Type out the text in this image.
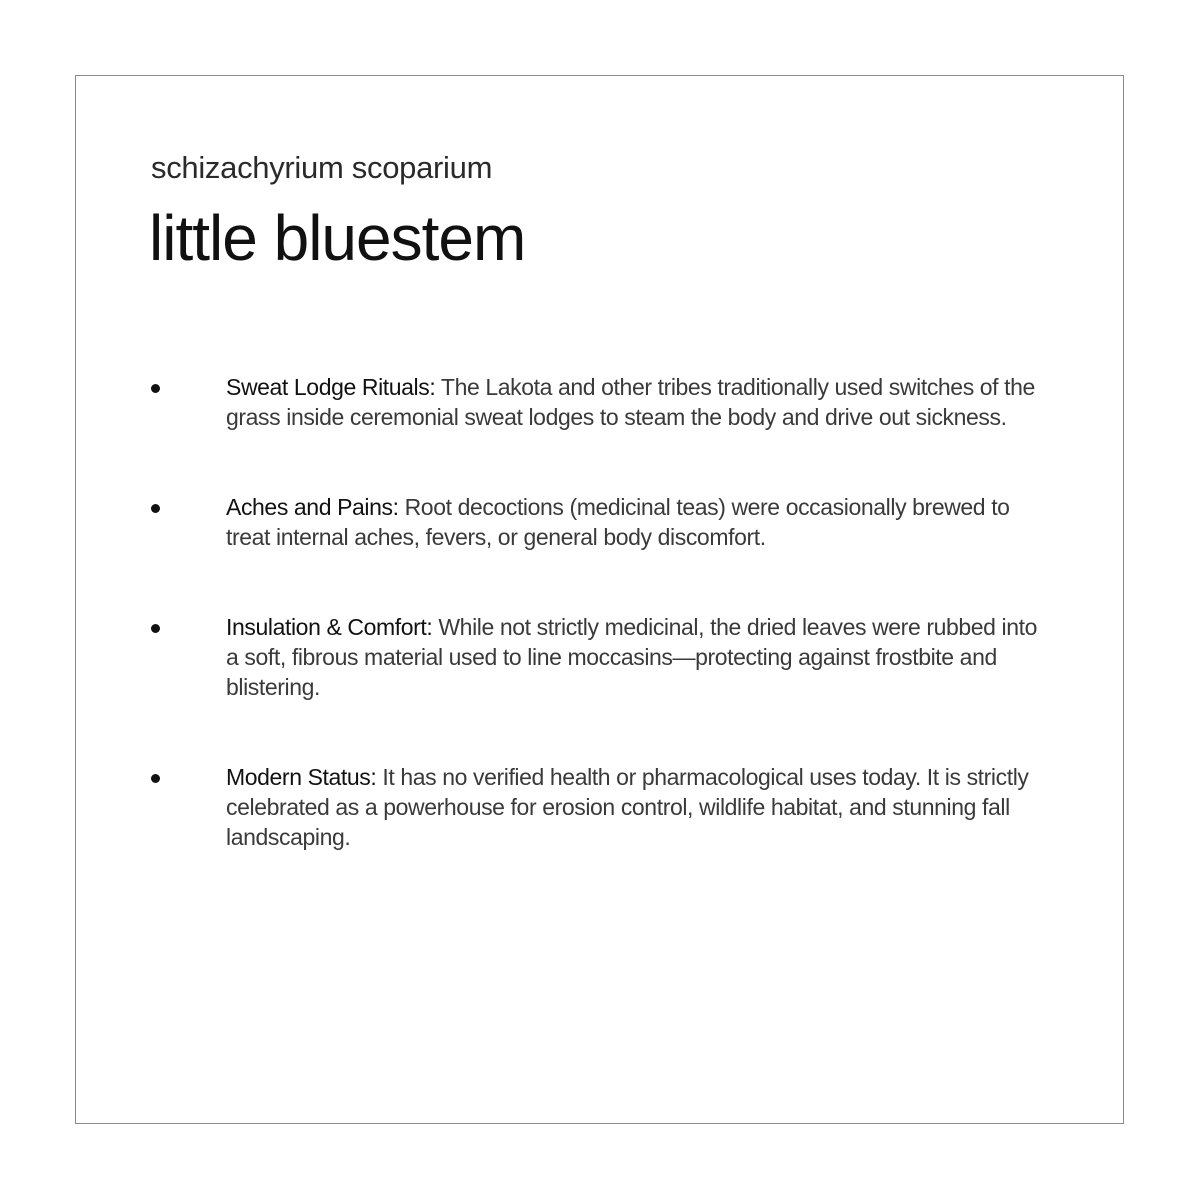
schizachyrium scoparium

little bluestem
Sweat Lodge Rituals: The Lakota and other tribes traditionally used switches of the grass inside ceremonial sweat lodges to steam the body and drive out sickness.
Aches and Pains: Root decoctions (medicinal teas) were occasionally brewed to treat internal aches, fevers, or general body discomfort.
Insulation & Comfort: While not strictly medicinal, the dried leaves were rubbed into a soft, fibrous material used to line moccasins—protecting against frostbite and blistering.
Modern Status: It has no verified health or pharmacological uses today. It is strictly celebrated as a powerhouse for erosion control, wildlife habitat, and stunning fall landscaping.
